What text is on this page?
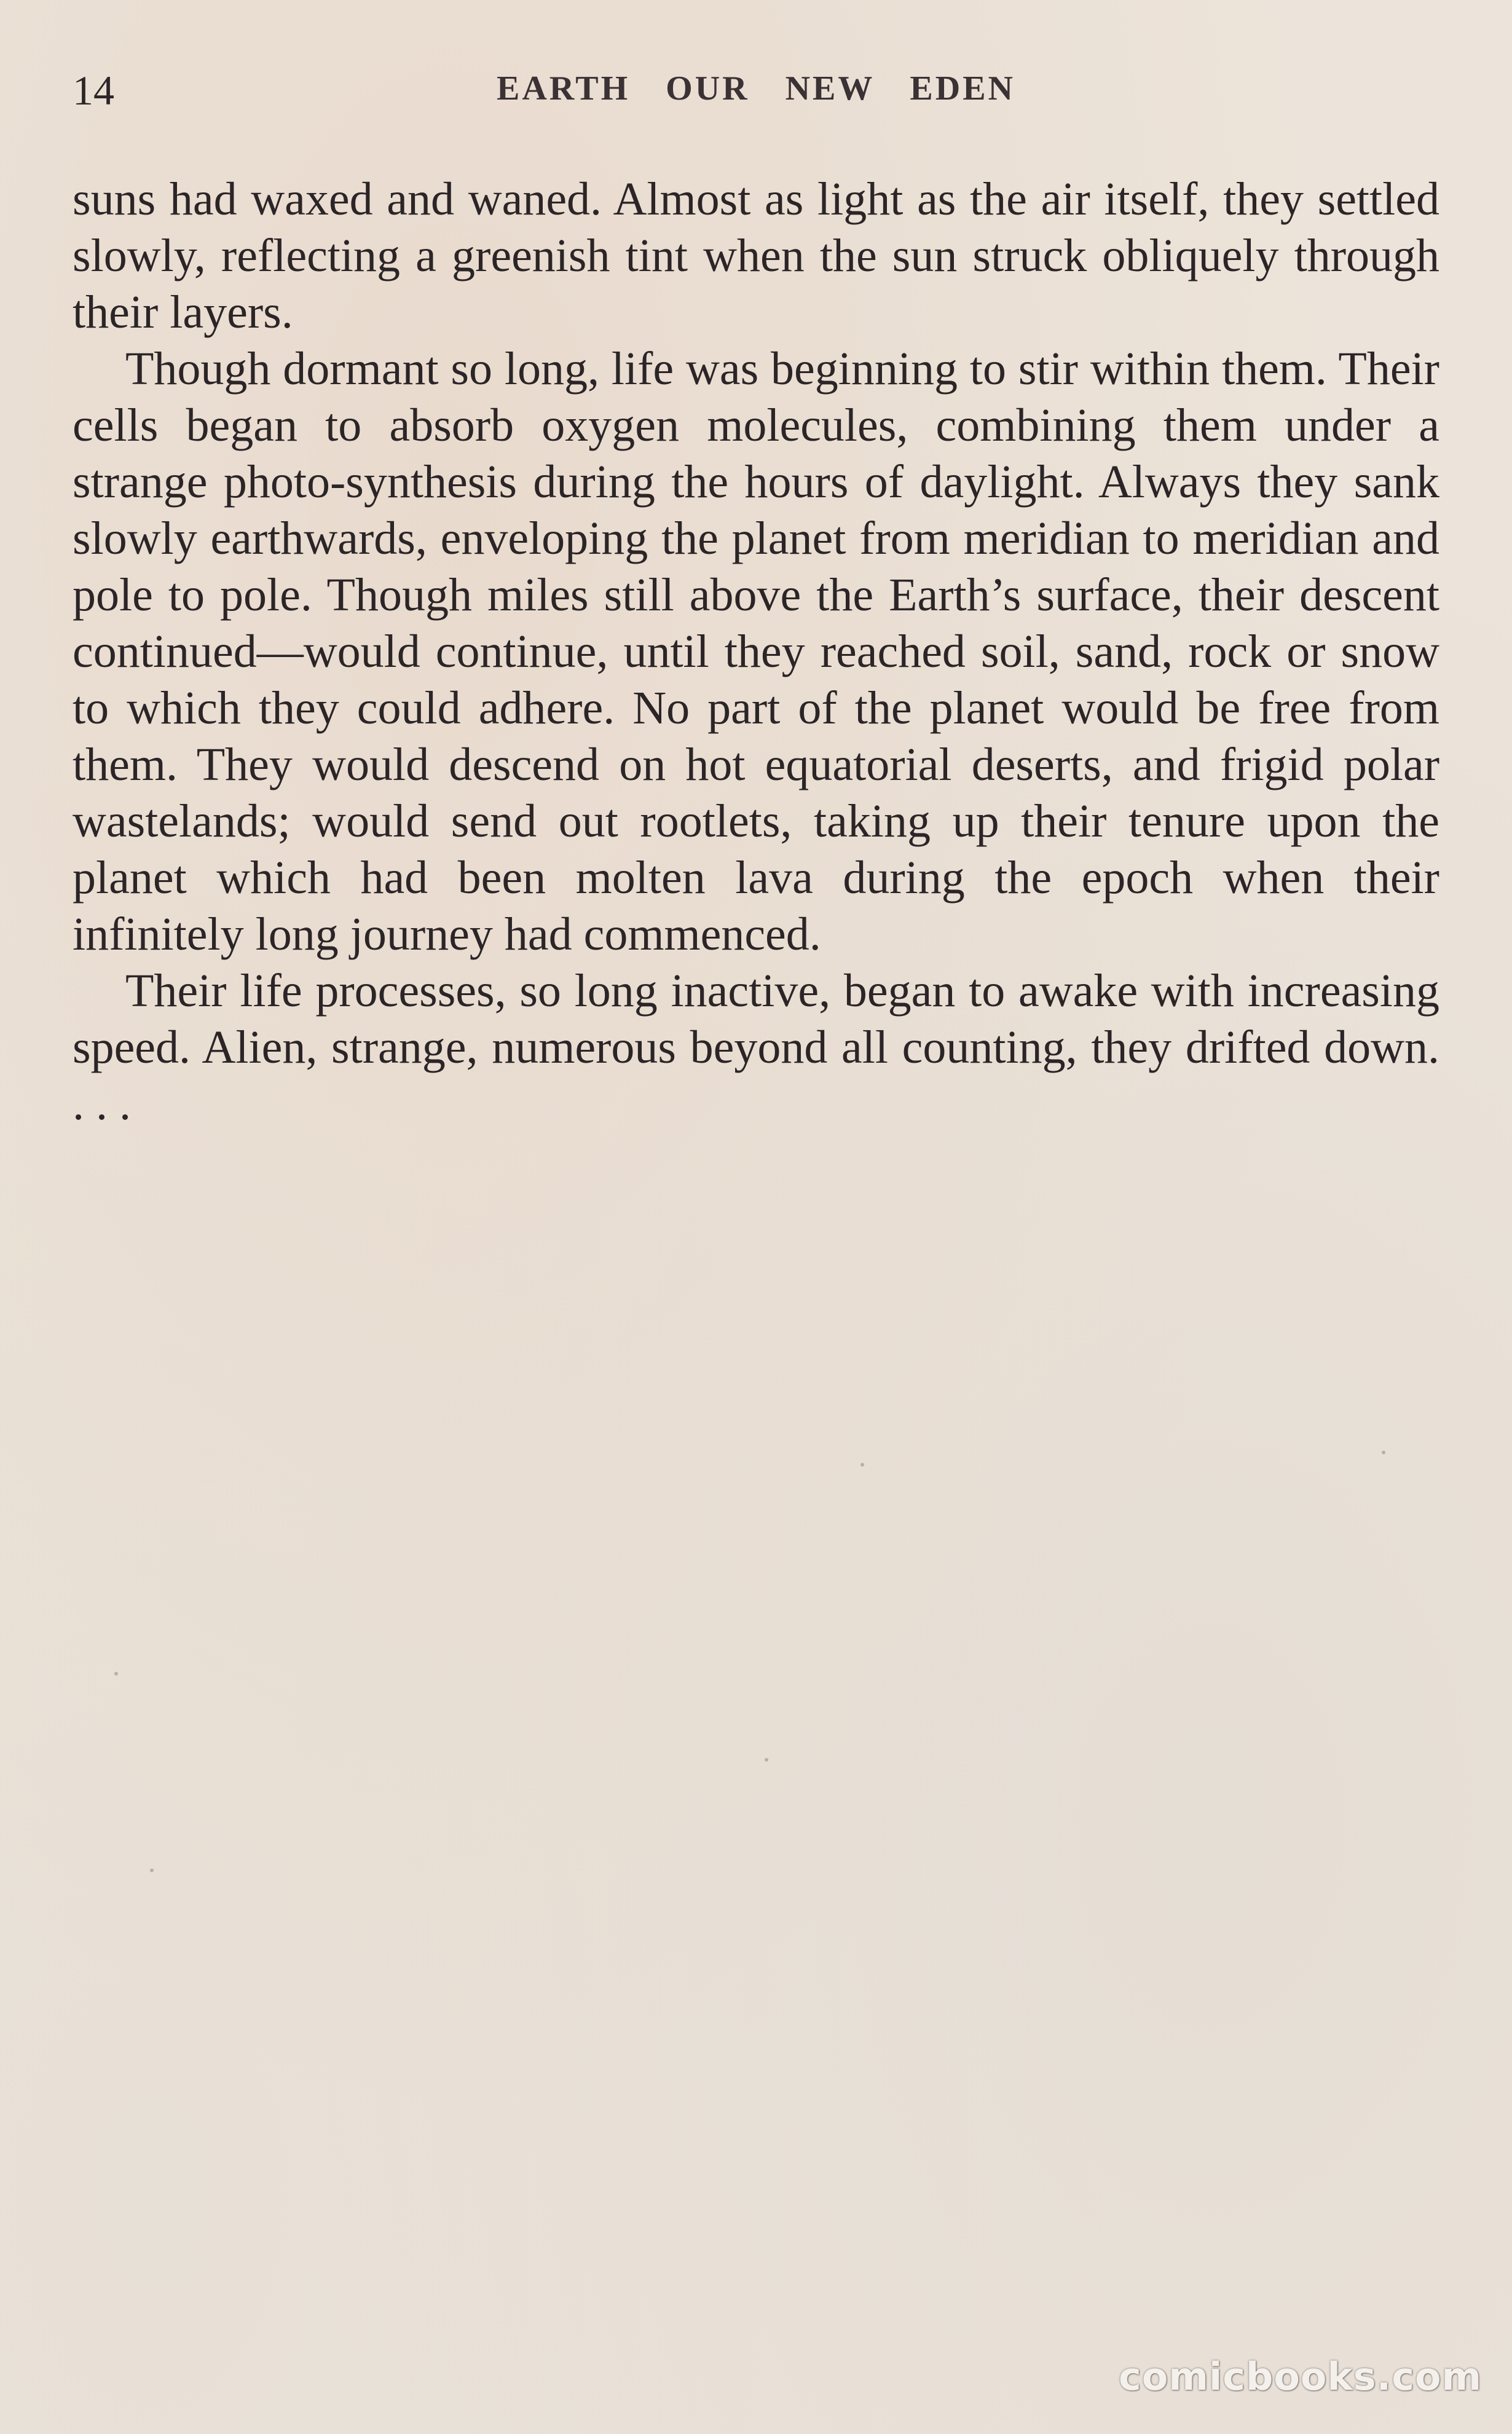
14	EARTH OUR NEW EDEN

suns had waxed and waned. Almost as light as the air itself, they settled slowly, reflecting a greenish tint when the sun struck obliquely through their layers.

Though dormant so long, life was beginning to stir within them. Their cells began to absorb oxygen molecules, combining them under a strange photo-synthesis during the hours of daylight. Always they sank slowly earthwards, enveloping the planet from meridian to meridian and pole to pole. Though miles still above the Earth’s surface, their descent continued—would continue, until they reached soil, sand, rock or snow to which they could adhere. No part of the planet would be free from them. They would descend on hot equatorial deserts, and frigid polar wastelands; would send out rootlets, taking up their tenure upon the planet which had been molten lava during the epoch when their infinitely long journey had commenced.

Their life processes, so long inactive, began to awake with increasing speed. Alien, strange, numerous beyond all counting, they drifted down. . . .

comicbooks.com
